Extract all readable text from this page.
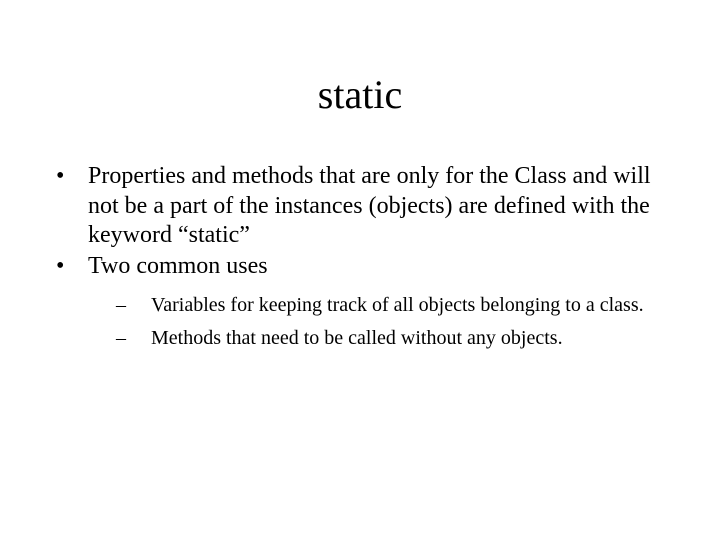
static
• Properties and methods that are only for the Class and will not be a part of the instances (objects) are defined with the keyword “static”
• Two common uses
–	Variables for keeping track of all objects belonging to a class.
–	Methods that need to be called without any objects.
